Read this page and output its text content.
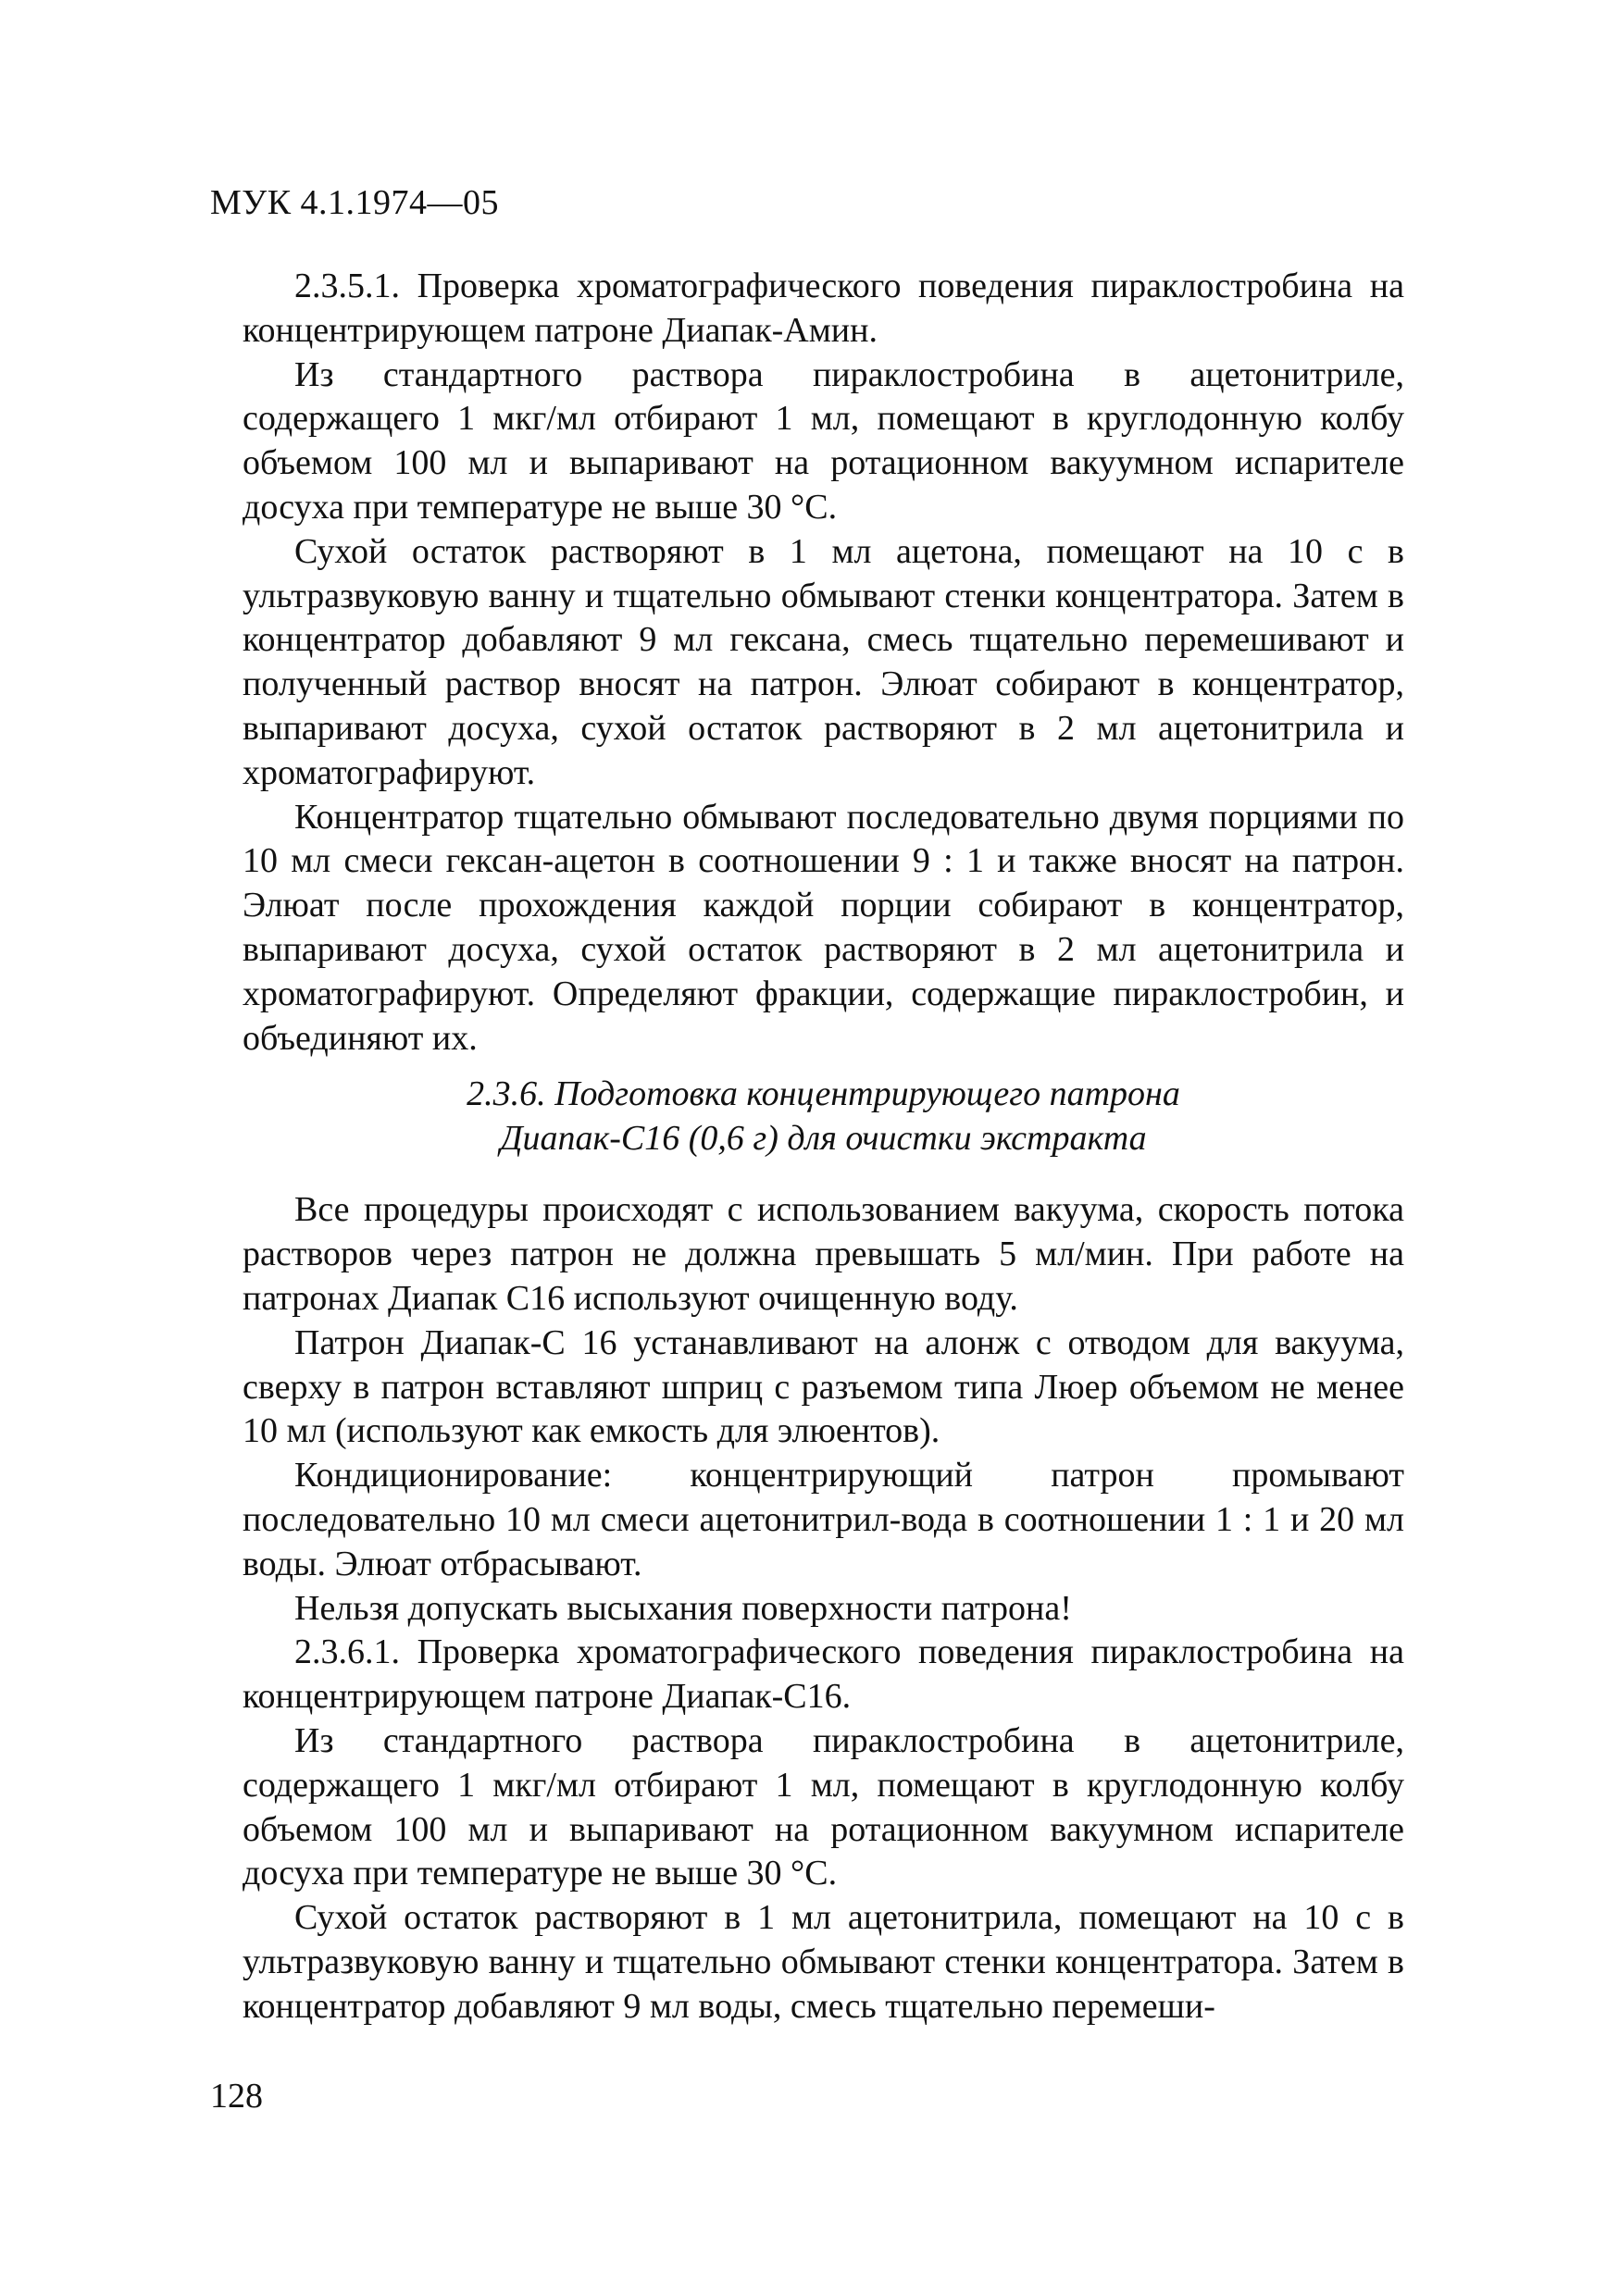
МУК 4.1.1974—05

2.3.5.1. Проверка хроматографического поведения пираклостробина на концентрирующем патроне Диапак-Амин.

Из стандартного раствора пираклостробина в ацетонитриле, содержащего 1 мкг/мл отбирают 1 мл, помещают в круглодонную колбу объемом 100 мл и выпаривают на ротационном вакуумном испарителе досуха при температуре не выше 30 °С.

Сухой остаток растворяют в 1 мл ацетона, помещают на 10 с в ультразвуковую ванну и тщательно обмывают стенки концентратора. Затем в концентратор добавляют 9 мл гексана, смесь тщательно перемешивают и полученный раствор вносят на патрон. Элюат собирают в концентратор, выпаривают досуха, сухой остаток растворяют в 2 мл ацетонитрила и хроматографируют.

Концентратор тщательно обмывают последовательно двумя порциями по 10 мл смеси гексан-ацетон в соотношении 9 : 1 и также вносят на патрон. Элюат после прохождения каждой порции собирают в концентратор, выпаривают досуха, сухой остаток растворяют в 2 мл ацетонитрила и хроматографируют. Определяют фракции, содержащие пираклостробин, и объединяют их.

2.3.6. Подготовка концентрирующего патрона
Диапак-С16 (0,6 г) для очистки экстракта

Все процедуры происходят с использованием вакуума, скорость потока растворов через патрон не должна превышать 5 мл/мин. При работе на патронах Диапак С16 используют очищенную воду.

Патрон Диапак-С 16 устанавливают на алонж с отводом для вакуума, сверху в патрон вставляют шприц с разъемом типа Люер объемом не менее 10 мл (используют как емкость для элюентов).

Кондиционирование: концентрирующий патрон промывают последовательно 10 мл смеси ацетонитрил-вода в соотношении 1 : 1 и 20 мл воды. Элюат отбрасывают.

Нельзя допускать высыхания поверхности патрона!

2.3.6.1. Проверка хроматографического поведения пираклостробина на концентрирующем патроне Диапак-С16.

Из стандартного раствора пираклостробина в ацетонитриле, содержащего 1 мкг/мл отбирают 1 мл, помещают в круглодонную колбу объемом 100 мл и выпаривают на ротационном вакуумном испарителе досуха при температуре не выше 30 °С.

Сухой остаток растворяют в 1 мл ацетонитрила, помещают на 10 с в ультразвуковую ванну и тщательно обмывают стенки концентратора. Затем в концентратор добавляют 9 мл воды, смесь тщательно перемеши-

128
